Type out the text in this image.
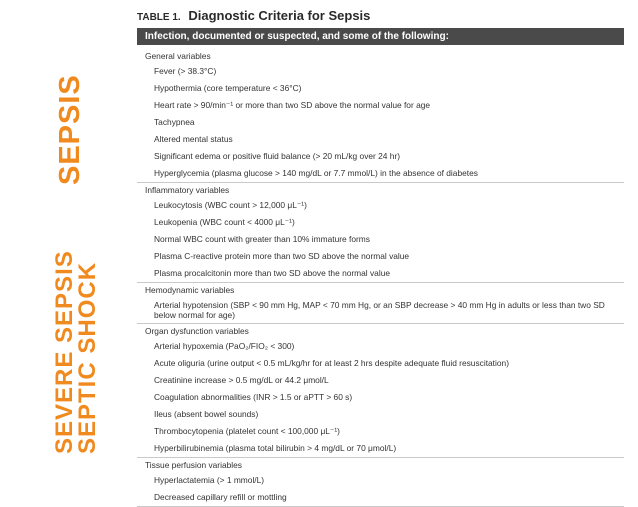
SEPSIS
SEVERE SEPSIS
SEPTIC SHOCK
TABLE 1. Diagnostic Criteria for Sepsis
Infection, documented or suspected, and some of the following:
General variables
Fever (> 38.3°C)
Hypothermia (core temperature < 36°C)
Heart rate > 90/min⁻¹ or more than two SD above the normal value for age
Tachypnea
Altered mental status
Significant edema or positive fluid balance (> 20 mL/kg over 24 hr)
Hyperglycemia (plasma glucose > 140 mg/dL or 7.7 mmol/L) in the absence of diabetes
Inflammatory variables
Leukocytosis (WBC count > 12,000 μL⁻¹)
Leukopenia (WBC count < 4000 μL⁻¹)
Normal WBC count with greater than 10% immature forms
Plasma C-reactive protein more than two SD above the normal value
Plasma procalcitonin more than two SD above the normal value
Hemodynamic variables
Arterial hypotension (SBP < 90 mm Hg, MAP < 70 mm Hg, or an SBP decrease > 40 mm Hg in adults or less than two SD below normal for age)
Organ dysfunction variables
Arterial hypoxemia (PaO₂/FIO₂ < 300)
Acute oliguria (urine output < 0.5 mL/kg/hr for at least 2 hrs despite adequate fluid resuscitation)
Creatinine increase > 0.5 mg/dL or 44.2 μmol/L
Coagulation abnormalities (INR > 1.5 or aPTT > 60 s)
Ileus (absent bowel sounds)
Thrombocytopenia (platelet count < 100,000 μL⁻¹)
Hyperbilirubinemia (plasma total bilirubin > 4 mg/dL or 70 μmol/L)
Tissue perfusion variables
Hyperlactatemia (> 1 mmol/L)
Decreased capillary refill or mottling
